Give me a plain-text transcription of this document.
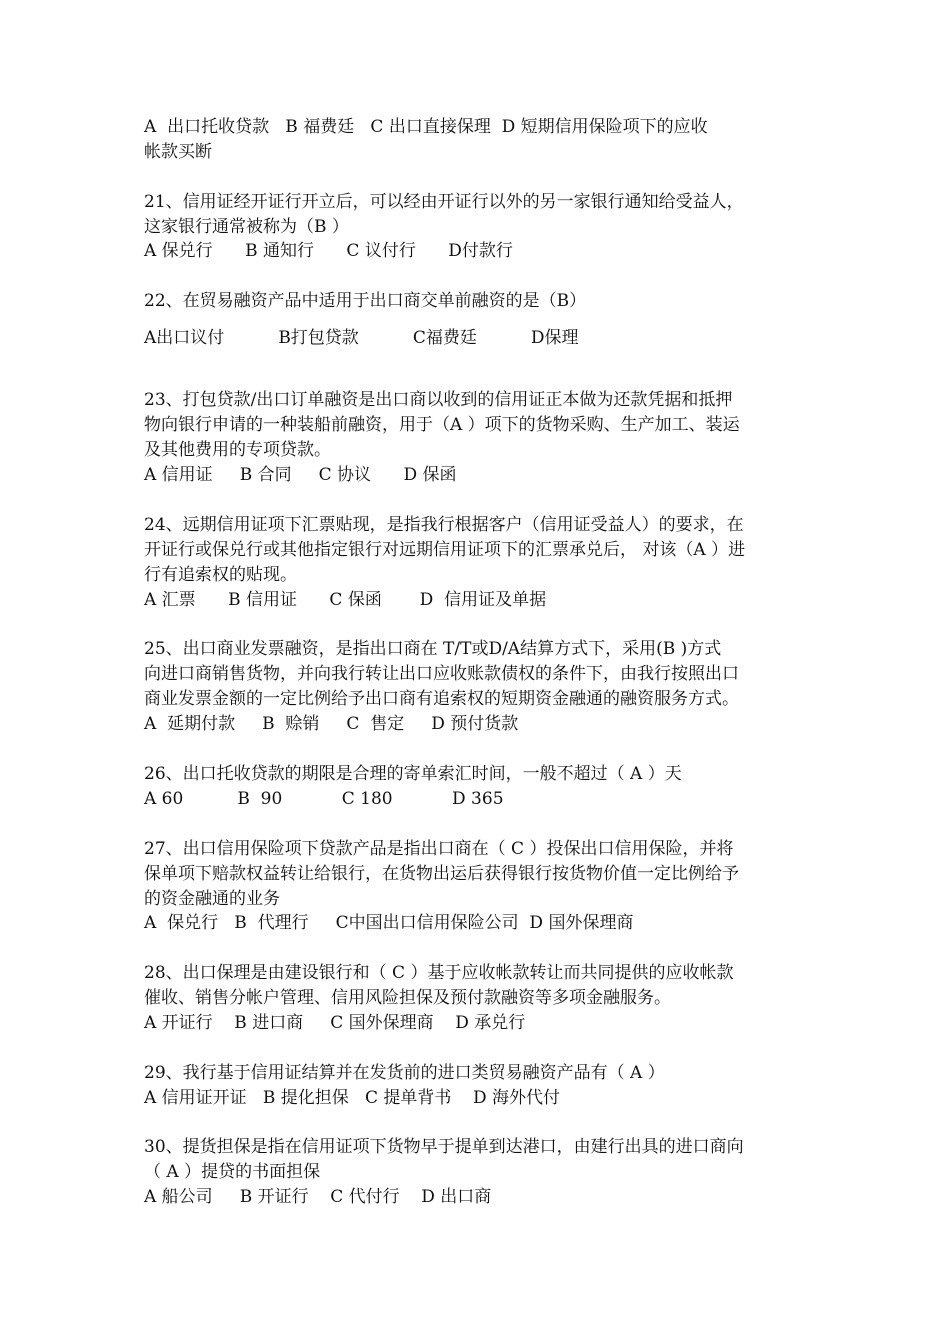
A  出口托收贷款   B 福费廷   C 出口直接保理  D 短期信用保险项下的应收
帐款买断
21、信用证经开证行开立后，可以经由开证行以外的另一家银行通知给受益人，
这家银行通常被称为（B ）
A 保兑行      B 通知行      C 议付行      D付款行
22、在贸易融资产品中适用于出口商交单前融资的是（B）
A出口议付          B打包贷款          C福费廷          D保理
23、打包贷款/出口订单融资是出口商以收到的信用证正本做为还款凭据和抵押
物向银行申请的一种装船前融资，用于（A ）项下的货物采购、生产加工、装运
及其他费用的专项贷款。
A 信用证     B 合同     C 协议      D 保函
24、远期信用证项下汇票贴现，是指我行根据客户（信用证受益人）的要求，在
开证行或保兑行或其他指定银行对远期信用证项下的汇票承兑后， 对该（A ）进
行有追索权的贴现。
A 汇票      B 信用证      C 保函       D  信用证及单据
25、出口商业发票融资，是指出口商在 T/T或D/A结算方式下，采用(B )方式
向进口商销售货物，并向我行转让出口应收账款债权的条件下，由我行按照出口
商业发票金额的一定比例给予出口商有追索权的短期资金融通的融资服务方式。
A  延期付款     B  赊销     C  售定     D 预付货款
26、出口托收贷款的期限是合理的寄单索汇时间，一般不超过（ A ）天
A 60          B  90           C 180           D 365
27、出口信用保险项下贷款产品是指出口商在（ C ）投保出口信用保险，并将
保单项下赔款权益转让给银行，在货物出运后获得银行按货物价值一定比例给予
的资金融通的业务
A  保兑行   B  代理行     C中国出口信用保险公司  D 国外保理商
28、出口保理是由建设银行和（ C ）基于应收帐款转让而共同提供的应收帐款
催收、销售分帐户管理、信用风险担保及预付款融资等多项金融服务。
A 开证行    B 进口商     C 国外保理商    D 承兑行
29、我行基于信用证结算并在发货前的进口类贸易融资产品有（ A ）
A 信用证开证   B 提化担保   C 提单背书    D 海外代付
30、提货担保是指在信用证项下货物早于提单到达港口，由建行出具的进口商向
（ A ）提贷的书面担保
A 船公司     B 开证行    C 代付行    D 出口商
